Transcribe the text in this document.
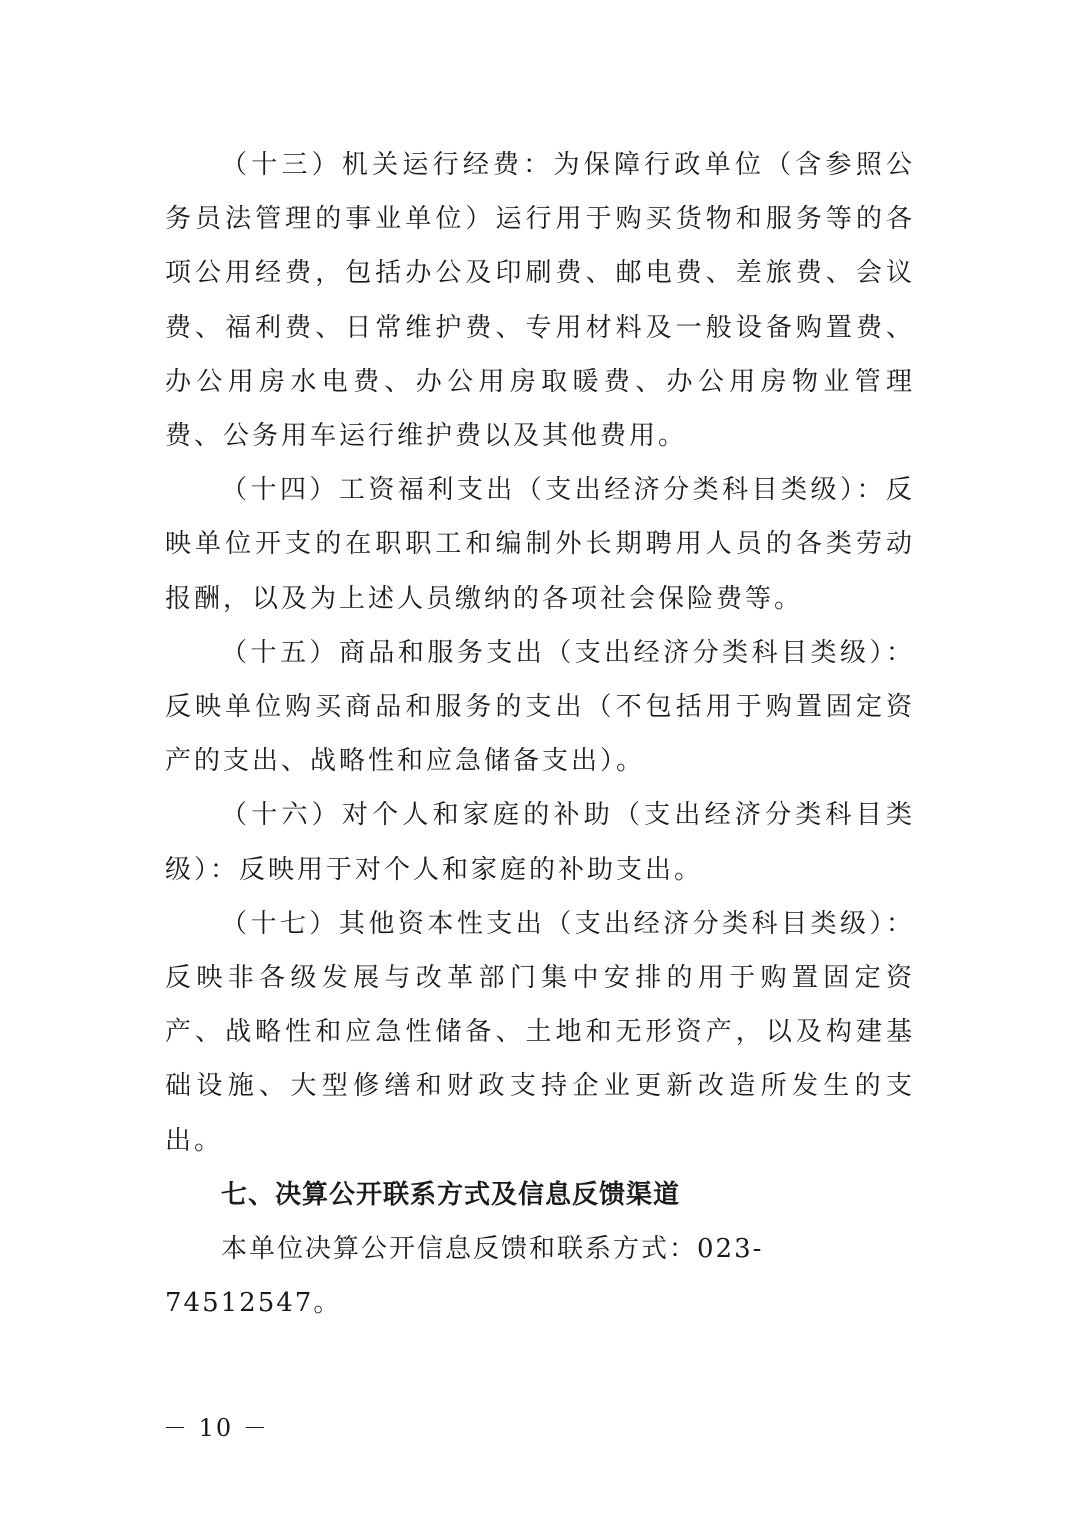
（十三）机关运行经费：为保障行政单位（含参照公务员法管理的事业单位）运行用于购买货物和服务等的各项公用经费，包括办公及印刷费、邮电费、差旅费、会议费、福利费、日常维护费、专用材料及一般设备购置费、办公用房水电费、办公用房取暖费、办公用房物业管理费、公务用车运行维护费以及其他费用。

（十四）工资福利支出（支出经济分类科目类级）：反映单位开支的在职职工和编制外长期聘用人员的各类劳动报酬，以及为上述人员缴纳的各项社会保险费等。

（十五）商品和服务支出（支出经济分类科目类级）：反映单位购买商品和服务的支出（不包括用于购置固定资产的支出、战略性和应急储备支出）。

（十六）对个人和家庭的补助（支出经济分类科目类级）：反映用于对个人和家庭的补助支出。

（十七）其他资本性支出（支出经济分类科目类级）：反映非各级发展与改革部门集中安排的用于购置固定资产、战略性和应急性储备、土地和无形资产，以及构建基础设施、大型修缮和财政支持企业更新改造所发生的支出。

七、决算公开联系方式及信息反馈渠道

本单位决算公开信息反馈和联系方式：023-74512547。

－ 10 －
